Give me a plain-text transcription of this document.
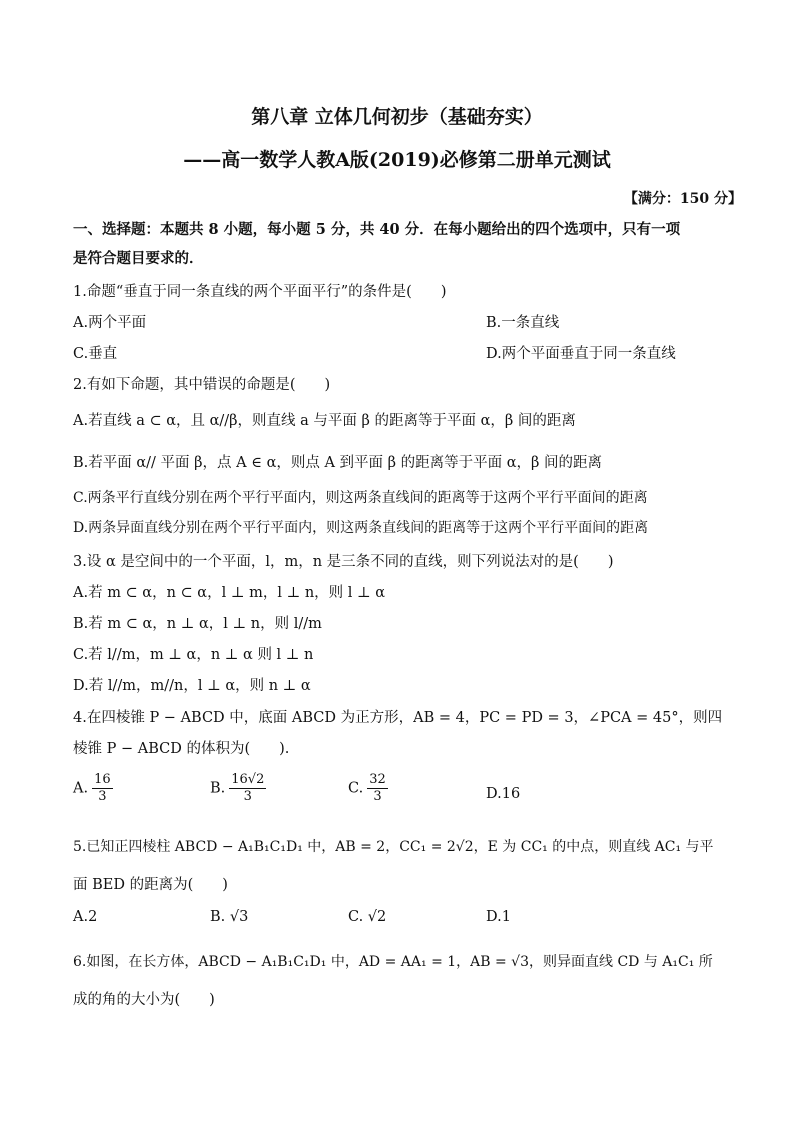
第八章 立体几何初步（基础夯实）
——高一数学人教A版(2019)必修第二册单元测试
【满分：150 分】
一、选择题：本题共 8 小题，每小题 5 分，共 40 分．在每小题给出的四个选项中，只有一项
是符合题目要求的．
1.命题“垂直于同一条直线的两个平面平行”的条件是(　　)
A.两个平面	B.一条直线
C.垂直	D.两个平面垂直于同一条直线
2.有如下命题，其中错误的命题是(　　)
A.若直线 a ⊂ α，且 α//β，则直线 a 与平面 β 的距离等于平面 α，β 间的距离
B.若平面 α// 平面 β，点 A ∈ α，则点 A 到平面 β 的距离等于平面 α，β 间的距离
C.两条平行直线分别在两个平行平面内，则这两条直线间的距离等于这两个平行平面间的距离
D.两条异面直线分别在两个平行平面内，则这两条直线间的距离等于这两个平行平面间的距离
3.设 α 是空间中的一个平面，l，m，n 是三条不同的直线，则下列说法对的是(　　)
A.若 m ⊂ α，n ⊂ α，l ⊥ m，l ⊥ n，则 l ⊥ α
B.若 m ⊂ α，n ⊥ α，l ⊥ n，则 l//m
C.若 l//m，m ⊥ α，n ⊥ α 则 l ⊥ n
D.若 l//m，m//n，l ⊥ α，则 n ⊥ α
4.在四棱锥 P − ABCD 中，底面 ABCD 为正方形，AB = 4，PC = PD = 3，∠PCA = 45°，则四
棱锥 P − ABCD 的体积为(　　).
A. $\frac{16}{3}$	B. $\frac{16√2}{3}$	C. $\frac{32}{3}$	D.16
5.已知正四棱柱 ABCD − A₁B₁C₁D₁ 中，AB = 2，CC₁ = 2√2，E 为 CC₁ 的中点，则直线 AC₁ 与平
面 BED 的距离为(　　)
A.2	B. √3	C. √2	D.1
6.如图，在长方体，ABCD − A₁B₁C₁D₁ 中，AD = AA₁ = 1，AB = √3，则异面直线 CD 与 A₁C₁ 所
成的角的大小为(　　)
